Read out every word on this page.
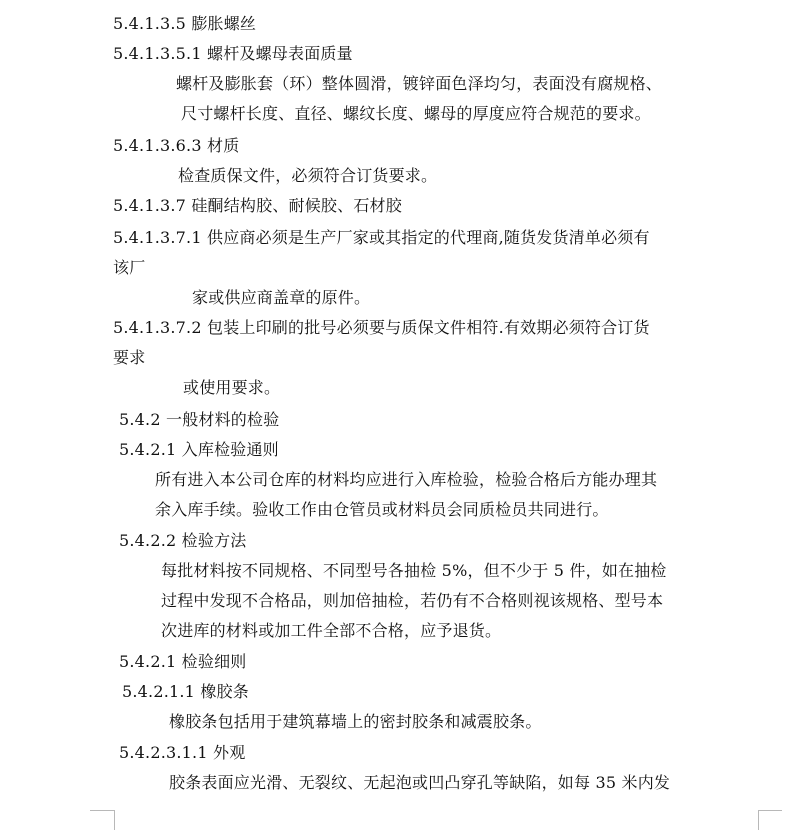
5.4.1.3.5 膨胀螺丝
5.4.1.3.5.1 螺杆及螺母表面质量
螺杆及膨胀套（环）整体圆滑，镀锌面色泽均匀，表面没有腐规格、
尺寸螺杆长度、直径、螺纹长度、螺母的厚度应符合规范的要求。
5.4.1.3.6.3 材质
检查质保文件，必须符合订货要求。
5.4.1.3.7 硅酮结构胶、耐候胶、石材胶
5.4.1.3.7.1 供应商必须是生产厂家或其指定的代理商,随货发货清单必须有
该厂
家或供应商盖章的原件。
5.4.1.3.7.2 包装上印刷的批号必须要与质保文件相符.有效期必须符合订货
要求
或使用要求。
5.4.2 一般材料的检验
5.4.2.1 入库检验通则
所有进入本公司仓库的材料均应进行入库检验，检验合格后方能办理其
余入库手续。验收工作由仓管员或材料员会同质检员共同进行。
5.4.2.2 检验方法
每批材料按不同规格、不同型号各抽检 5%，但不少于 5 件，如在抽检
过程中发现不合格品，则加倍抽检，若仍有不合格则视该规格、型号本
次进库的材料或加工件全部不合格，应予退货。
5.4.2.1 检验细则
5.4.2.1.1 橡胶条
橡胶条包括用于建筑幕墙上的密封胶条和减震胶条。
5.4.2.3.1.1 外观
胶条表面应光滑、无裂纹、无起泡或凹凸穿孔等缺陷，如每 35 米内发
